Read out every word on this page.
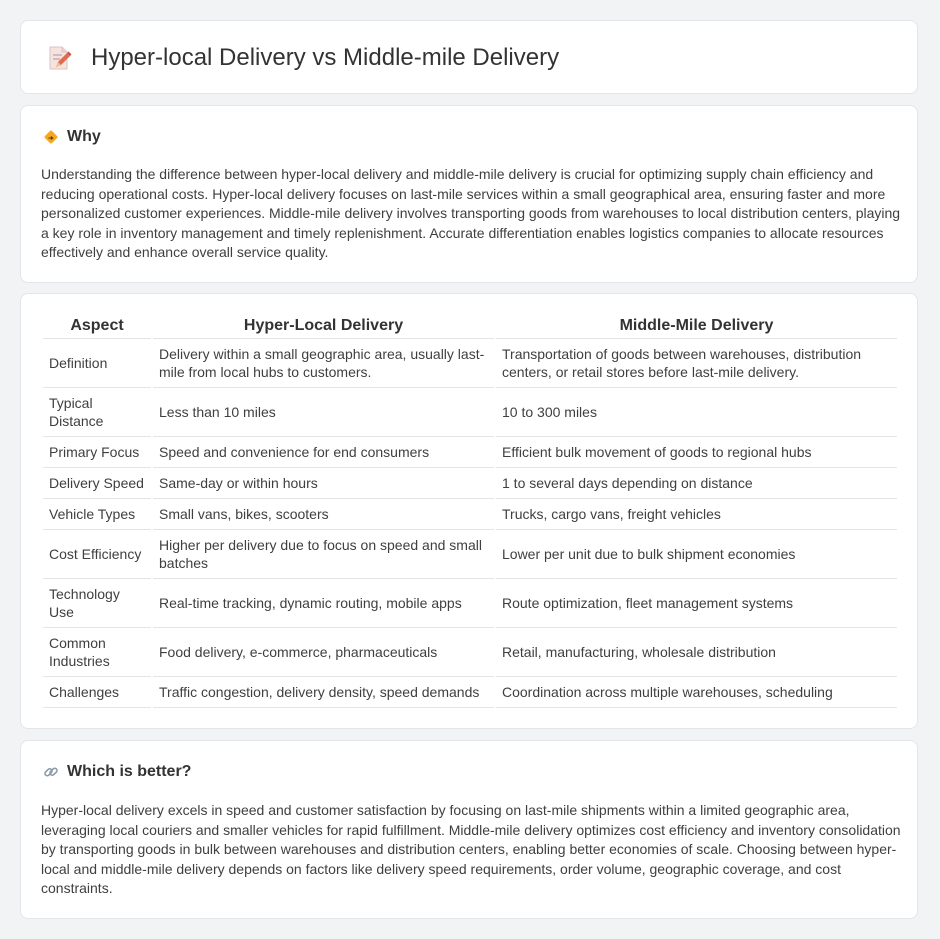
Hyper-local Delivery vs Middle-mile Delivery
Why

Understanding the difference between hyper-local delivery and middle-mile delivery is crucial for optimizing supply chain efficiency and reducing operational costs. Hyper-local delivery focuses on last-mile services within a small geographical area, ensuring faster and more personalized customer experiences. Middle-mile delivery involves transporting goods from warehouses to local distribution centers, playing a key role in inventory management and timely replenishment. Accurate differentiation enables logistics companies to allocate resources effectively and enhance overall service quality.

Aspect	Hyper-Local Delivery	Middle-Mile Delivery
Definition	Delivery within a small geographic area, usually last-mile from local hubs to customers.	Transportation of goods between warehouses, distribution centers, or retail stores before last-mile delivery.
Typical Distance	Less than 10 miles	10 to 300 miles
Primary Focus	Speed and convenience for end consumers	Efficient bulk movement of goods to regional hubs
Delivery Speed	Same-day or within hours	1 to several days depending on distance
Vehicle Types	Small vans, bikes, scooters	Trucks, cargo vans, freight vehicles
Cost Efficiency	Higher per delivery due to focus on speed and small batches	Lower per unit due to bulk shipment economies
Technology Use	Real-time tracking, dynamic routing, mobile apps	Route optimization, fleet management systems
Common Industries	Food delivery, e-commerce, pharmaceuticals	Retail, manufacturing, wholesale distribution
Challenges	Traffic congestion, delivery density, speed demands	Coordination across multiple warehouses, scheduling
Which is better?

Hyper-local delivery excels in speed and customer satisfaction by focusing on last-mile shipments within a limited geographic area, leveraging local couriers and smaller vehicles for rapid fulfillment. Middle-mile delivery optimizes cost efficiency and inventory consolidation by transporting goods in bulk between warehouses and distribution centers, enabling better economies of scale. Choosing between hyper-local and middle-mile delivery depends on factors like delivery speed requirements, order volume, geographic coverage, and cost constraints.
